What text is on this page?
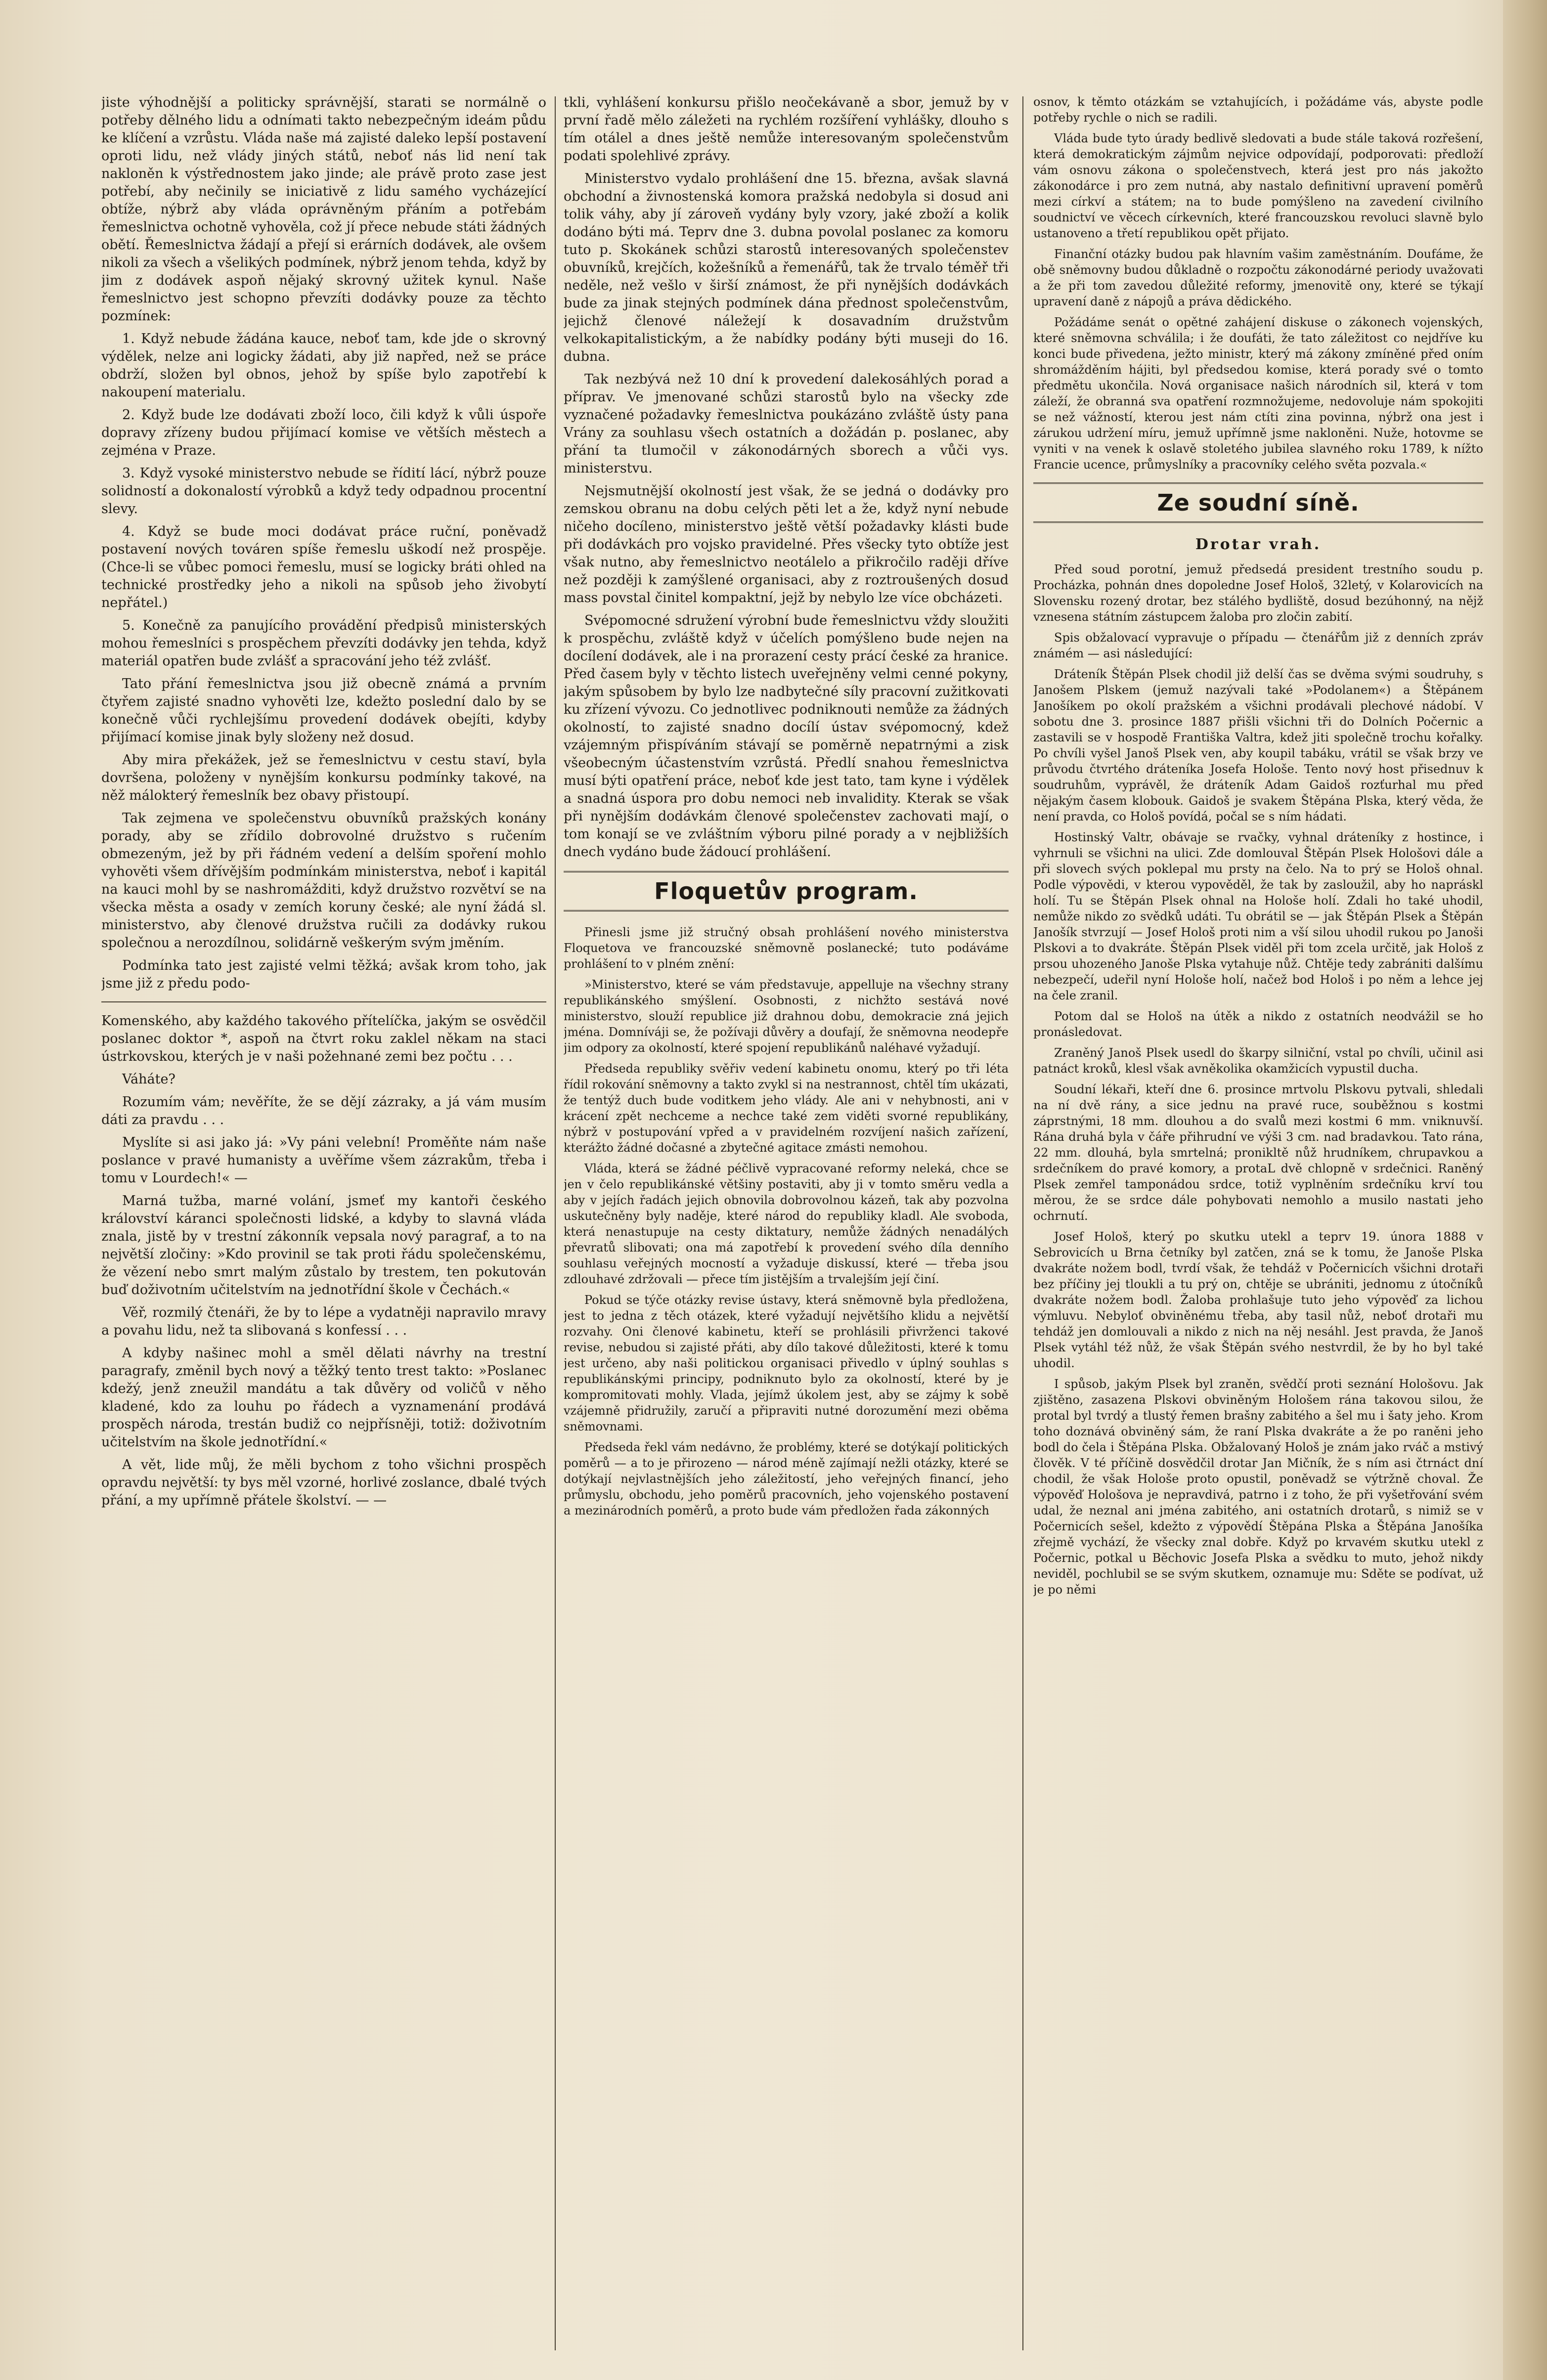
jiste výhodnější a politicky správnější, starati se normálně o potřeby dělného lidu a odnímati takto nebezpečným ideám půdu ke klíčení a vzrůstu. Vláda naše má zajisté daleko lepší postavení oproti lidu, než vlády jiných států, neboť nás lid není tak nakloněn k výstřednostem jako jinde; ale právě proto zase jest potřebí, aby nečinily se iniciativě z lidu samého vycházející obtíže, nýbrž aby vláda oprávněným přáním a potřebám řemeslnictva ochotně vyhověla, což jí přece nebude státi žádných obětí. Řemeslnictva žádají a přejí si erárních dodávek, ale ovšem nikoli za všech a všelikých podmínek, nýbrž jenom tehda, když by jim z dodávek aspoň nějaký skrovný užitek kynul. Naše řemeslnictvo jest schopno převzíti dodávky pouze za těchto pozmínek:

1. Když nebude žádána kauce, neboť tam, kde jde o skrovný výdělek, nelze ani logicky žádati, aby již napřed, než se práce obdrží, složen byl obnos, jehož by spíše bylo zapotřebí k nakoupení materialu.

2. Když bude lze dodávati zboží loco, čili když k vůli úspoře dopravy zřízeny budou přijímací komise ve větších městech a zejména v Praze.

3. Když vysoké ministerstvo nebude se řídití lácí, nýbrž pouze solidností a dokonalostí výrobků a když tedy odpadnou procentní slevy.

4. Když se bude moci dodávat práce ruční, poněvadž postavení nových továren spíše řemeslu uškodí než prospěje. (Chce-li se vůbec pomoci řemeslu, musí se logicky bráti ohled na technické prostředky jeho a nikoli na spůsob jeho živobytí nepřátel.)

5. Konečně za panujícího provádění předpisů ministerských mohou řemeslníci s prospěchem převzíti dodávky jen tehda, když materiál opatřen bude zvlášť a spracování jeho též zvlášť.

Tato přání řemeslnictva jsou již obecně známá a prvním čtyřem zajisté snadno vyhověti lze, kdežto poslední dalo by se konečně vůči rychlejšímu provedení dodávek obejíti, kdyby přijímací komise jinak byly složeny než dosud.

Aby mira překážek, jež se řemeslnictvu v cestu staví, byla dovršena, položeny v nynějším konkursu podmínky takové, na něž málokterý řemeslník bez obavy přistoupí.

Tak zejmena ve společenstvu obuvníků pražských konány porady, aby se zřídilo dobrovolné družstvo s ručením obmezeným, jež by při řádném vedení a delším spoření mohlo vyhověti všem dřívějším podmínkám ministerstva, neboť i kapitál na kauci mohl by se nashromážditi, když družstvo rozvětví se na všecka města a osady v zemích koruny české; ale nyní žádá sl. ministerstvo, aby členové družstva ručili za dodávky rukou společnou a nerozdílnou, solidárně veškerým svým jměním.

Podmínka tato jest zajisté velmi těžká; avšak krom toho, jak jsme již z předu podo-

Komenského, aby každého takového přítelíčka, jakým se osvědčil poslanec doktor *, aspoň na čtvrt roku zaklel někam na staci ústrkovskou, kterých je v naši požehnané zemi bez počtu . . .

Váháte?

Rozumím vám; nevěříte, že se dějí zázraky, a já vám musím dáti za pravdu . . .

Myslíte si asi jako já: »Vy páni velební! Proměňte nám naše poslance v pravé humanisty a uvěříme všem zázrakům, třeba i tomu v Lourdech!« —

Marná tužba, marné volání, jsmeť my kantoři českého království káranci společnosti lidské, a kdyby to slavná vláda znala, jistě by v trestní zákonník vepsala nový paragraf, a to na největší zločiny: »Kdo provinil se tak proti řádu společenskému, že vězení nebo smrt malým zůstalo by trestem, ten pokutován buď doživotním učitelstvím na jednotřídní škole v Čechách.«

Věř, rozmilý čtenáři, že by to lépe a vydatněji napravilo mravy a povahu lidu, než ta slibovaná s konfessí . . .

A kdyby našinec mohl a směl dělati návrhy na trestní paragrafy, změnil bych nový a těžký tento trest takto: »Poslanec kdežý, jenž zneužil mandátu a tak důvěry od voličů v něho kladené, kdo za louhu po řádech a vyznamenání prodává prospěch národa, trestán budiž co nejpřísněji, totiž: doživotním učitelstvím na škole jednotřídní.«

A vět, lide můj, že měli bychom z toho všichni prospěch opravdu největší: ty bys měl vzorné, horlivé zoslance, dbalé tvých přání, a my upřímně přátele školství. — —

tkli, vyhlášení konkursu přišlo neočekávaně a sbor, jemuž by v první řadě mělo záležeti na rychlém rozšíření vyhlášky, dlouho s tím otálel a dnes ještě nemůže interesovaným společenstvům podati spolehlivé zprávy.

Ministerstvo vydalo prohlášení dne 15. března, avšak slavná obchodní a živnostenská komora pražská nedobyla si dosud ani tolik váhy, aby jí zároveň vydány byly vzory, jaké zboží a kolik dodáno býti má. Teprv dne 3. dubna povolal poslanec za komoru tuto p. Skokánek schůzi starostů interesovaných společenstev obuvníků, krejčích, kožešníků a řemenářů, tak že trvalo téměř tři neděle, než vešlo v širší známost, že při nynějších dodávkách bude za jinak stejných podmínek dána přednost společenstvům, jejichž členové náležejí k dosavadním družstvům velkokapitalistickým, a že nabídky podány býti museji do 16. dubna.

Tak nezbývá než 10 dní k provedení dalekosáhlých porad a příprav. Ve jmenované schůzi starostů bylo na všecky zde vyznačené požadavky řemeslnictva poukázáno zvláště ústy pana Vrány za souhlasu všech ostatních a dožádán p. poslanec, aby přání ta tlumočil v zákonodárných sborech a vůči vys. ministerstvu.

Nejsmutnější okolností jest však, že se jedná o dodávky pro zemskou obranu na dobu celých pěti let a že, když nyní nebude ničeho docíleno, ministerstvo ještě větší požadavky klásti bude při dodávkách pro vojsko pravidelné. Přes všecky tyto obtíže jest však nutno, aby řemeslnictvo neotálelo a přikročilo raději dříve než později k zamýšlené organisaci, aby z roztroušených dosud mass povstal činitel kompaktní, jejž by nebylo lze více obcházeti.

Svépomocné sdružení výrobní bude řemeslnictvu vždy sloužiti k prospěchu, zvláště když v účelích pomýšleno bude nejen na docílení dodávek, ale i na prorazení cesty prácí české za hranice. Před časem byly v těchto listech uveřejněny velmi cenné pokyny, jakým spůsobem by bylo lze nadbytečné síly pracovní zužitkovati ku zřízení vývozu. Co jednotlivec podniknouti nemůže za žádných okolností, to zajisté snadno docílí ústav svépomocný, kdež vzájemným přispíváním stávají se poměrně nepatrnými a zisk všeobecným účastenstvím vzrůstá. Předlí snahou řemeslnictva musí býti opatření práce, neboť kde jest tato, tam kyne i výdělek a snadná úspora pro dobu nemoci neb invalidity. Kterak se však při nynějším dodávkám členové společenstev zachovati mají, o tom konají se ve zvláštním výboru pilné porady a v nejbližších dnech vydáno bude žádoucí prohlášení.

Floquetův program.

Přinesli jsme již stručný obsah prohlášení nového ministerstva Floquetova ve francouzské sněmovně poslanecké; tuto podáváme prohlášení to v plném znění:

»Ministerstvo, které se vám představuje, appelluje na všechny strany republikánského smýšlení. Osobnosti, z nichžto sestává nové ministerstvo, slouží republice již drahnou dobu, demokracie zná jejich jména. Domníváji se, že požívaji důvěry a doufají, že sněmovna neodepře jim odpory za okolností, které spojení republikánů naléhavé vyžadují.

Předseda republiky svěřiv vedení kabinetu onomu, který po tři léta řídil rokování sněmovny a takto zvykl si na nestrannost, chtěl tím ukázati, že tentýž duch bude voditkem jeho vlády. Ale ani v nehybnosti, ani v krácení zpět nechceme a nechce také zem viděti svorné republikány, nýbrž v postupování vpřed a v pravidelném rozvíjení našich zařízení, kterážto žádné dočasné a zbytečné agitace zmásti nemohou.

Vláda, která se žádné péčlivě vypracované reformy neleká, chce se jen v čelo republikánské většiny postaviti, aby ji v tomto směru vedla a aby v jejích řadách jejich obnovila dobrovolnou kázeň, tak aby pozvolna uskutečněny byly naděje, které národ do republiky kladl. Ale svoboda, která nenastupuje na cesty diktatury, nemůže žádných nenadálých převratů slibovati; ona má zapotřebí k provedení svého díla denního souhlasu veřejných mocností a vyžaduje diskussí, které — třeba jsou zdlouhavé zdržovali — přece tím jistějším a trvalejším její činí.

Pokud se týče otázky revise ústavy, která sněmovně byla předložena, jest to jedna z těch otázek, které vyžadují největšího klidu a největší rozvahy. Oni členové kabinetu, kteří se prohlásili přivrženci takové revise, nebudou si zajisté přáti, aby dílo takové důležitosti, které k tomu jest určeno, aby naši politickou organisaci přivedlo v úplný souhlas s republikánskými principy, podniknuto bylo za okolností, které by je kompromitovati mohly. Vlada, jejímž úkolem jest, aby se zájmy k sobě vzájemně přidružily, zaručí a připraviti nutné dorozumění mezi oběma sněmovnami.

Předseda řekl vám nedávno, že problémy, které se dotýkají politických poměrů — a to je přirozeno — národ méně zajímají nežli otázky, které se dotýkají nejvlastnějších jeho záležitostí, jeho veřejných financí, jeho průmyslu, obchodu, jeho poměrů pracovních, jeho vojenského postavení a mezinárodních poměrů, a proto bude vám předložen řada zákonných

osnov, k těmto otázkám se vztahujících, i požádáme vás, abyste podle potřeby rychle o nich se radili.

Vláda bude tyto úrady bedlivě sledovati a bude stále taková rozřešení, která demokratickým zájmům nejvice odpovídají, podporovati: předloží vám osnovu zákona o společenstvech, která jest pro nás jakožto zákonodárce i pro zem nutná, aby nastalo definitivní upravení poměrů mezi církví a státem; na to bude pomýšleno na zavedení civilního soudnictví ve věcech církevních, které francouzskou revoluci slavně bylo ustanoveno a třetí republikou opět přijato.

Finanční otázky budou pak hlavním vašim zaměstnáním. Doufáme, že obě sněmovny budou důkladně o rozpočtu zákonodárné periody uvažovati a že při tom zavedou důležité reformy, jmenovitě ony, které se týkají upravení daně z nápojů a práva dědického.

Požádáme senát o opětné zahájení diskuse o zákonech vojenských, které sněmovna schválila; i že doufáti, že tato záležitost co nejdříve ku konci bude přivedena, ježto ministr, který má zákony zmíněné před oním shromážděním hájiti, byl předsedou komise, která porady své o tomto předmětu ukončila. Nová organisace našich národních sil, která v tom záleží, že obranná sva opatření rozmnožujeme, nedovoluje nám spokojiti se než vážností, kterou jest nám ctíti zina povinna, nýbrž ona jest i zárukou udržení míru, jemuž upřímně jsme nakloněni. Nuže, hotovme se vyniti v na venek k oslavě stoletého jubilea slavného roku 1789, k nížto Francie ucence, průmyslníky a pracovníky celého světa pozvala.«

Ze soudní síně.
Drotar vrah.

Před soud porotní, jemuž předsedá president trestního soudu p. Procházka, pohnán dnes dopoledne Josef Hološ, 32letý, v Kolarovicích na Slovensku rozený drotar, bez stálého bydliště, dosud bezúhonný, na nějž vznesena státním zástupcem žaloba pro zločin zabití.

Spis obžalovací vypravuje o případu — čtenářům již z denních zpráv známém — asi následující:

Dráteník Štěpán Plsek chodil již delší čas se dvěma svými soudruhy, s Janošem Plskem (jemuž nazývali také »Podolanem«) a Štěpánem Janošíkem po okolí pražském a všichni prodávali plechové nádobí. V sobotu dne 3. prosince 1887 přišli všichni tři do Dolních Počernic a zastavili se v hospodě Františka Valtra, kdež jiti společně trochu kořalky. Po chvíli vyšel Janoš Plsek ven, aby koupil tabáku, vrátil se však brzy ve průvodu čtvrtého dráteníka Josefa Hološe. Tento nový host přisednuv k soudruhům, vyprávěl, že dráteník Adam Gaidoš rozťurhal mu před nějakým časem klobouk. Gaidoš je svakem Štěpána Plska, který věda, že není pravda, co Hološ povídá, počal se s ním hádati.

Hostinský Valtr, obávaje se rvačky, vyhnal dráteníky z hostince, i vyhrnuli se všichni na ulici. Zde domlouval Štěpán Plsek Hološovi dále a při slovech svých poklepal mu prsty na čelo. Na to prý se Hološ ohnal. Podle výpovědi, v kterou vypověděl, že tak by zasloužil, aby ho napráskl holí. Tu se Štěpán Plsek ohnal na Hološe holí. Zdali ho také uhodil, nemůže nikdo zo svědků udáti. Tu obrátil se — jak Štěpán Plsek a Štěpán Janošík stvrzují — Josef Hološ proti nim a vší silou uhodil rukou po Janoši Plskovi a to dvakráte. Štěpán Plsek viděl při tom zcela určitě, jak Hološ z prsou uhozeného Janoše Plska vytahuje nůž. Chtěje tedy zabrániti dalšímu nebezpečí, udeřil nyní Hološe holí, načež bod Hološ i po něm a lehce jej na čele zranil.

Potom dal se Hološ na útěk a nikdo z ostatních neodvážil se ho pronásledovat.

Zraněný Janoš Plsek usedl do škarpy silniční, vstal po chvíli, učinil asi patnáct kroků, klesl však avněkolika okamžicích vypustil ducha.

Soudní lékaři, kteří dne 6. prosince mrtvolu Plskovu pytvali, shledali na ní dvě rány, a sice jednu na pravé ruce, souběžnou s kostmi záprstnými, 18 mm. dlouhou a do svalů mezi kostmi 6 mm. vniknuvší. Rána druhá byla v čáře přihrudní ve výši 3 cm. nad bradavkou. Tato rána, 22 mm. dlouhá, byla smrtelná; pronikltě nůž hrudníkem, chrupavkou a srdečníkem do pravé komory, a protaL dvě chlopně v srdečnici. Raněný Plsek zemřel tamponádou srdce, totiž vyplněním srdečníku krví tou měrou, že se srdce dále pohybovati nemohlo a musilo nastati jeho ochrnutí.

Josef Hološ, který po skutku utekl a teprv 19. února 1888 v Sebrovicích u Brna četníky byl zatčen, zná se k tomu, že Janoše Plska dvakráte nožem bodl, tvrdí však, že tehdáž v Počernicích všichni drotaři bez příčiny jej tloukli a tu prý on, chtěje se ubrániti, jednomu z útočníků dvakráte nožem bodl. Žaloba prohlašuje tuto jeho výpověď za lichou výmluvu. Nebyloť obviněnému třeba, aby tasil nůž, neboť drotaři mu tehdáž jen domlouvali a nikdo z nich na něj nesáhl. Jest pravda, že Janoš Plsek vytáhl též nůž, že však Štěpán svého nestvrdil, že by ho byl také uhodil.

I spůsob, jakým Plsek byl zraněn, svědčí proti seznání Hološovu. Jak zjištěno, zasazena Plskovi obviněným Hološem rána takovou silou, že protal byl tvrdý a tlustý řemen brašny zabitého a šel mu i šaty jeho. Krom toho doznává obviněný sám, že raní Plska dvakráte a že po raněni jeho bodl do čela i Štěpána Plska. Obžalovaný Hološ je znám jako rváč a mstivý člověk. V té příčině dosvědčil drotar Jan Mičník, že s ním asi čtrnáct dní chodil, že však Hološe proto opustil, poněvadž se výtržně choval. Že výpověď Hološova je nepravdivá, patrno i z toho, že při vyšetřování svém udal, že neznal ani jména zabitého, ani ostatních drotarů, s nimiž se v Počernicích sešel, kdežto z výpovědí Štěpána Plska a Štěpána Janošíka zřejmě vychází, že všecky znal dobře. Když po krvavém skutku utekl z Počernic, potkal u Běchovic Josefa Plska a svědku to muto, jehož nikdy neviděl, pochlubil se se svým skutkem, oznamuje mu: Sděte se podívat, už je po němi
